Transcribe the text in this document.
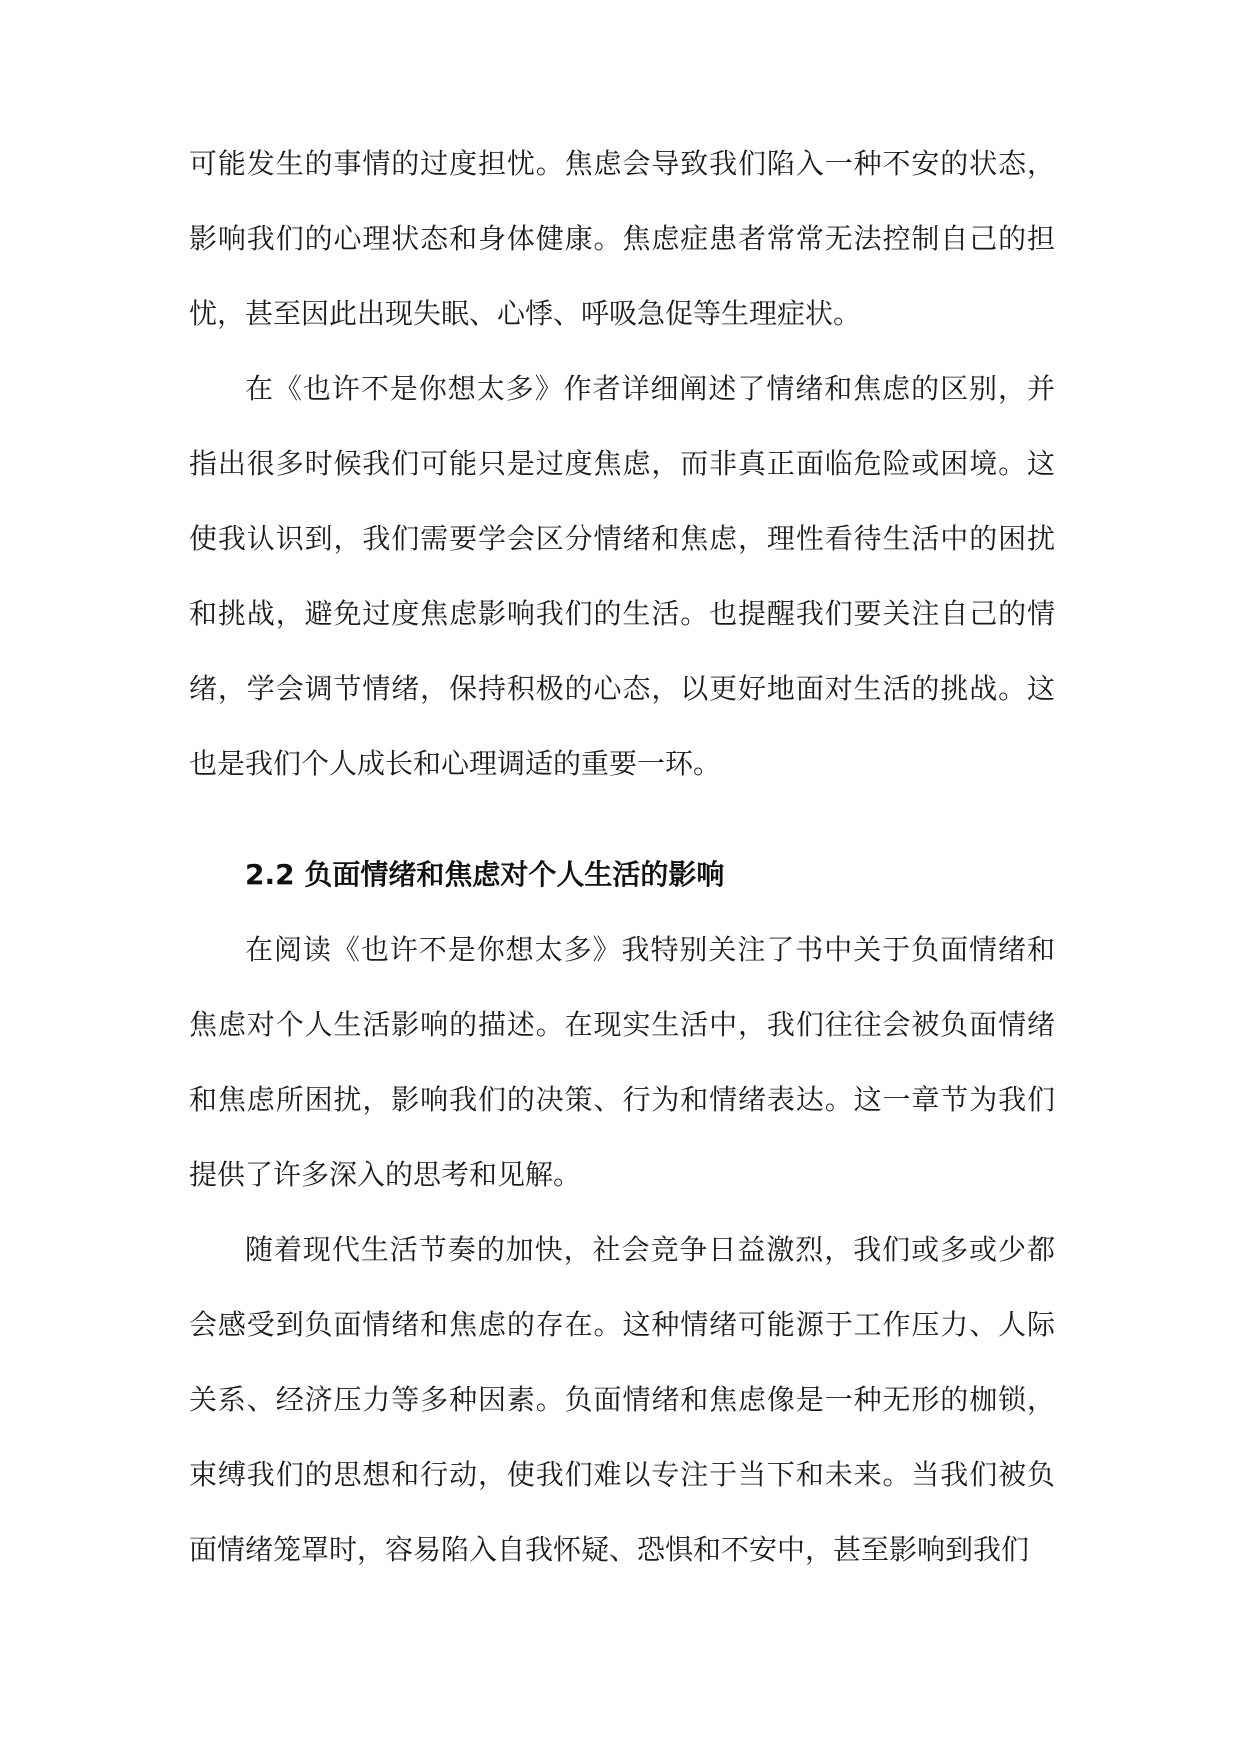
可能发生的事情的过度担忧。焦虑会导致我们陷入一种不安的状态，影响我们的心理状态和身体健康。焦虑症患者常常无法控制自己的担忧，甚至因此出现失眠、心悸、呼吸急促等生理症状。

在《也许不是你想太多》作者详细阐述了情绪和焦虑的区别，并指出很多时候我们可能只是过度焦虑，而非真正面临危险或困境。这使我认识到，我们需要学会区分情绪和焦虑，理性看待生活中的困扰和挑战，避免过度焦虑影响我们的生活。也提醒我们要关注自己的情绪，学会调节情绪，保持积极的心态，以更好地面对生活的挑战。这也是我们个人成长和心理调适的重要一环。

2.2 负面情绪和焦虑对个人生活的影响

在阅读《也许不是你想太多》我特别关注了书中关于负面情绪和焦虑对个人生活影响的描述。在现实生活中，我们往往会被负面情绪和焦虑所困扰，影响我们的决策、行为和情绪表达。这一章节为我们提供了许多深入的思考和见解。

随着现代生活节奏的加快，社会竞争日益激烈，我们或多或少都会感受到负面情绪和焦虑的存在。这种情绪可能源于工作压力、人际关系、经济压力等多种因素。负面情绪和焦虑像是一种无形的枷锁，束缚我们的思想和行动，使我们难以专注于当下和未来。当我们被负面情绪笼罩时，容易陷入自我怀疑、恐惧和不安中，甚至影响到我们
